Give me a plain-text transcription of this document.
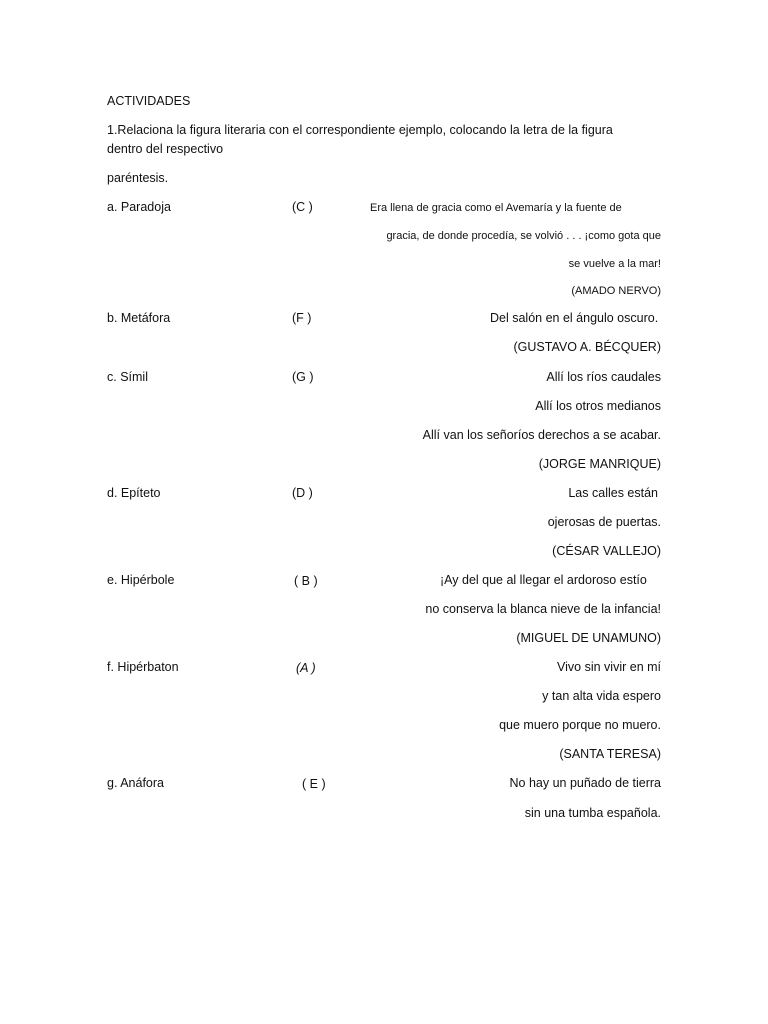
ACTIVIDADES
1.Relaciona la figura literaria con el correspondiente ejemplo, colocando la letra de la figura
dentro del respectivo
paréntesis.
a. Paradoja	(C )	Era llena de gracia como el Avemaría y la fuente de
gracia, de donde procedía, se volvió . . . ¡como gota que
se vuelve a la mar!
(AMADO NERVO)
b. Metáfora	(F )	Del salón en el ángulo oscuro.
(GUSTAVO A. BÉCQUER)
c. Símil	(G )	Allí los ríos caudales
Allí los otros medianos
Allí van los señoríos derechos a se acabar.
(JORGE MANRIQUE)
d. Epíteto	(D )	Las calles están
ojerosas de puertas.
(CÉSAR VALLEJO)
e. Hipérbole	( B )	¡Ay del que al llegar el ardoroso estío
no conserva la blanca nieve de la infancia!
(MIGUEL DE UNAMUNO)
f. Hipérbaton	(A )	Vivo sin vivir en mí
y tan alta vida espero
que muero porque no muero.
(SANTA TERESA)
g. Anáfora	( E )	No hay un puñado de tierra
sin una tumba española.
